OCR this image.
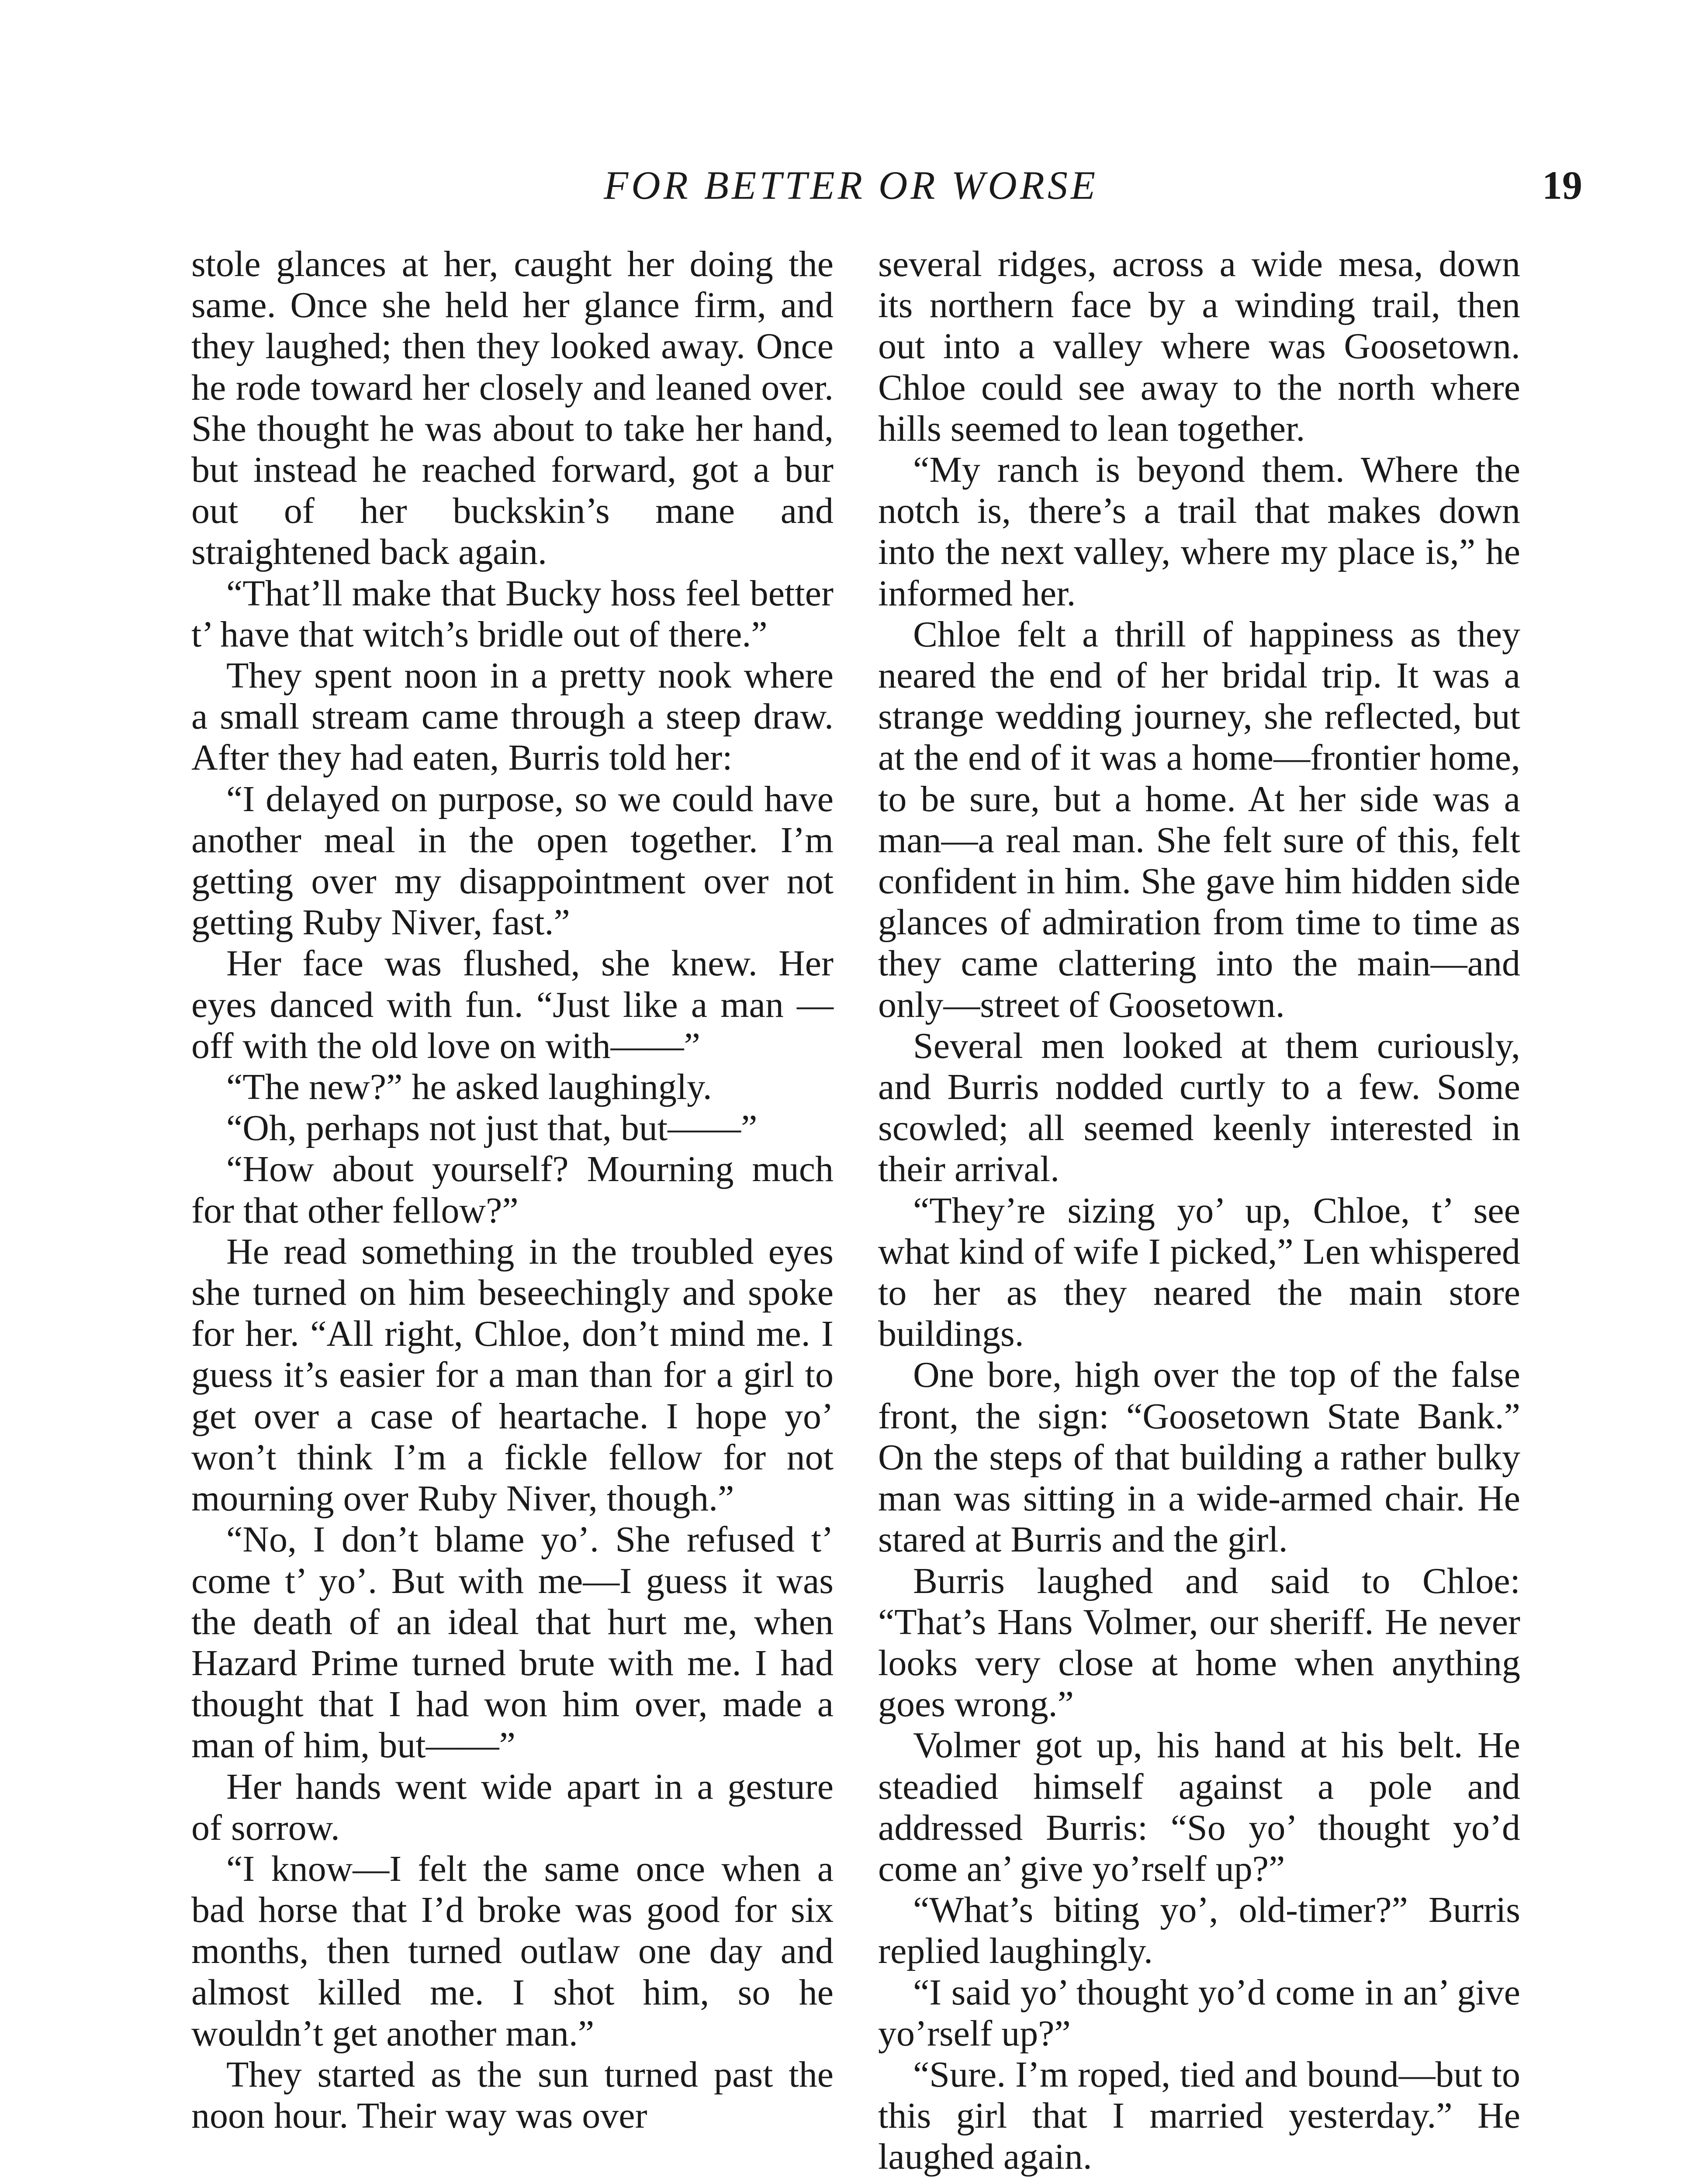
FOR BETTER OR WORSE	19

stole glances at her, caught her doing the same. Once she held her glance firm, and they laughed; then they looked away. Once he rode toward her closely and leaned over. She thought he was about to take her hand, but instead he reached forward, got a bur out of her buckskin’s mane and straightened back again.

“That’ll make that Bucky hoss feel better t’ have that witch’s bridle out of there.”

They spent noon in a pretty nook where a small stream came through a steep draw. After they had eaten, Burris told her:

“I delayed on purpose, so we could have another meal in the open together. I’m getting over my disappointment over not getting Ruby Niver, fast.”

Her face was flushed, she knew. Her eyes danced with fun. “Just like a man —off with the old love on with——”

“The new?” he asked laughingly.

“Oh, perhaps not just that, but——”

“How about yourself? Mourning much for that other fellow?”

He read something in the troubled eyes she turned on him beseechingly and spoke for her. “All right, Chloe, don’t mind me. I guess it’s easier for a man than for a girl to get over a case of heartache. I hope yo’ won’t think I’m a fickle fellow for not mourning over Ruby Niver, though.”

“No, I don’t blame yo’. She refused t’ come t’ yo’. But with me—I guess it was the death of an ideal that hurt me, when Hazard Prime turned brute with me. I had thought that I had won him over, made a man of him, but——”

Her hands went wide apart in a gesture of sorrow.

“I know—I felt the same once when a bad horse that I’d broke was good for six months, then turned outlaw one day and almost killed me. I shot him, so he wouldn’t get another man.”

They started as the sun turned past the noon hour. Their way was over

several ridges, across a wide mesa, down its northern face by a winding trail, then out into a valley where was Goosetown. Chloe could see away to the north where hills seemed to lean together.

“My ranch is beyond them. Where the notch is, there’s a trail that makes down into the next valley, where my place is,” he informed her.

Chloe felt a thrill of happiness as they neared the end of her bridal trip. It was a strange wedding journey, she reflected, but at the end of it was a home—frontier home, to be sure, but a home. At her side was a man—a real man. She felt sure of this, felt confident in him. She gave him hidden side glances of admiration from time to time as they came clattering into the main—and only—street of Goosetown.

Several men looked at them curiously, and Burris nodded curtly to a few. Some scowled; all seemed keenly interested in their arrival.

“They’re sizing yo’ up, Chloe, t’ see what kind of wife I picked,” Len whispered to her as they neared the main store buildings.

One bore, high over the top of the false front, the sign: “Goosetown State Bank.” On the steps of that building a rather bulky man was sitting in a wide-armed chair. He stared at Burris and the girl.

Burris laughed and said to Chloe: “That’s Hans Volmer, our sheriff. He never looks very close at home when anything goes wrong.”

Volmer got up, his hand at his belt. He steadied himself against a pole and addressed Burris: “So yo’ thought yo’d come an’ give yo’rself up?”

“What’s biting yo’, old-timer?” Burris replied laughingly.

“I said yo’ thought yo’d come in an’ give yo’rself up?”

“Sure. I’m roped, tied and bound—but to this girl that I married yesterday.” He laughed again.
